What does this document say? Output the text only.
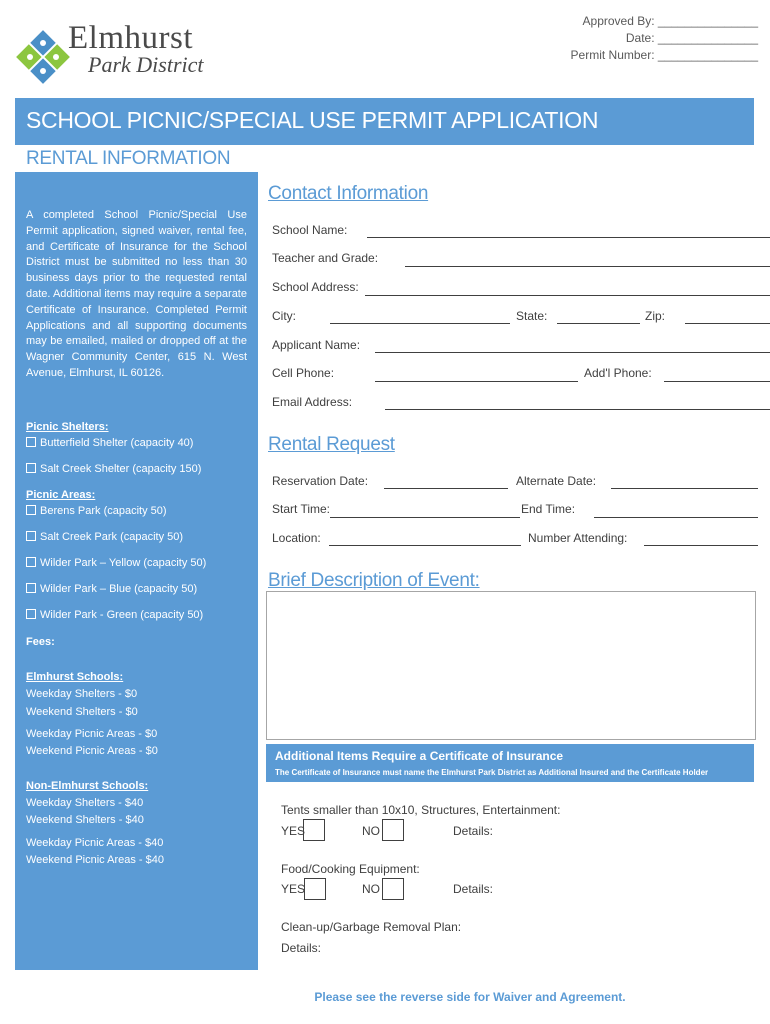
Elmhurst
Park District
Approved By: _______________
Date: _______________
Permit Number: _______________
SCHOOL PICNIC/SPECIAL USE PERMIT APPLICATION
RENTAL INFORMATION
A completed School Picnic/Special Use Permit application, signed waiver, rental fee, and Certificate of Insurance for the School District must be submitted no less than 30 business days prior to the requested rental date. Additional items may require a separate Certificate of Insurance. Completed Permit Applications and all supporting documents may be emailed, mailed or dropped off at the Wagner Community Center, 615 N. West Avenue, Elmhurst, IL 60126.
Picnic Shelters:
Butterfield Shelter (capacity 40)
Salt Creek Shelter (capacity 150)
Picnic Areas:
Berens Park (capacity 50)
Salt Creek Park (capacity 50)
Wilder Park – Yellow (capacity 50)
Wilder Park – Blue (capacity 50)
Wilder Park - Green (capacity 50)
Fees:
Elmhurst Schools:
Weekday Shelters - $0
Weekend Shelters - $0
Weekday Picnic Areas - $0
Weekend Picnic Areas - $0
Non-Elmhurst Schools:
Weekday Shelters - $40
Weekend Shelters - $40
Weekday Picnic Areas - $40
Weekend Picnic Areas - $40
Contact Information
School Name:
Teacher and Grade:
School Address:
City:	State:	Zip:
Applicant Name:
Cell Phone:	Add'l Phone:
Email Address:
Rental Request
Reservation Date:	Alternate Date:
Start Time:	End Time:
Location:	Number Attending:
Brief Description of Event:
Additional Items Require a Certificate of Insurance
The Certificate of Insurance must name the Elmhurst Park District as Additional Insured and the Certificate Holder
Tents smaller than 10x10, Structures, Entertainment:
YES	NO	Details:
Food/Cooking Equipment:
YES	NO	Details:
Clean-up/Garbage Removal Plan:
Details:
Please see the reverse side for Waiver and Agreement.
